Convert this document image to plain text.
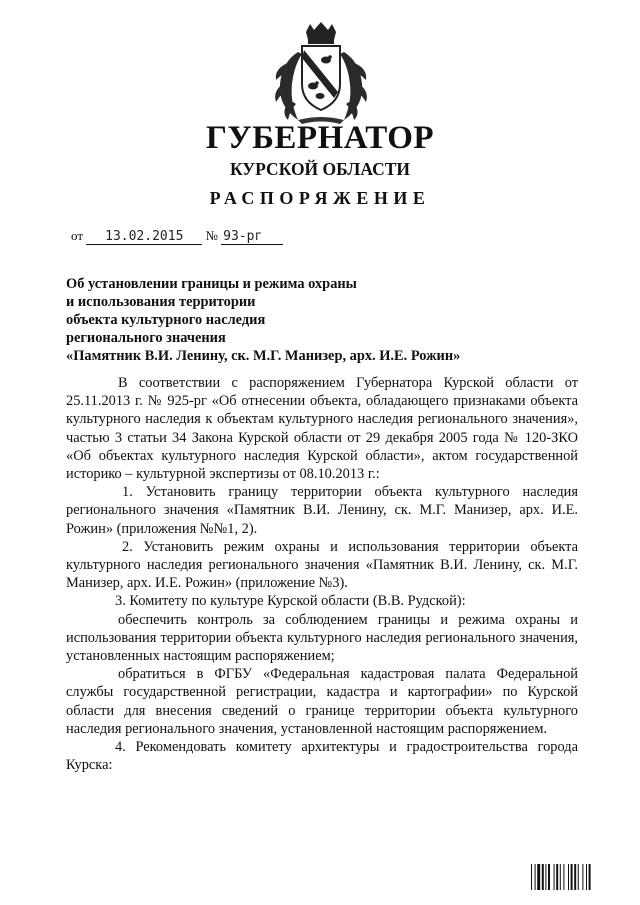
ГУБЕРНАТОР
КУРСКОЙ ОБЛАСТИ
РАСПОРЯЖЕНИЕ
от 13.02.2015 № 93-рг
Об установлении границы и режима охраны
и использования территории
объекта культурного наследия
регионального значения
«Памятник В.И. Ленину, ск. М.Г. Манизер, арх. И.Е. Рожин»

В соответствии с распоряжением Губернатора Курской области от 25.11.2013 г. № 925-рг «Об отнесении объекта, обладающего признаками объекта культурного наследия к объектам культурного наследия регионального значения», частью 3 статьи 34 Закона Курской области от 29 декабря 2005 года № 120-ЗКО «Об объектах культурного наследия Курской области», актом государственной историко – культурной экспертизы от 08.10.2013 г.:

1. Установить границу территории объекта культурного наследия регионального значения «Памятник В.И. Ленину, ск. М.Г. Манизер, арх. И.Е. Рожин» (приложения №№1, 2).

2. Установить режим охраны и использования территории объекта культурного наследия регионального значения «Памятник В.И. Ленину, ск. М.Г. Манизер, арх. И.Е. Рожин» (приложение №3).

3. Комитету по культуре Курской области (В.В. Рудской):

обеспечить контроль за соблюдением границы и режима охраны и использования территории объекта культурного наследия регионального значения, установленных настоящим распоряжением;

обратиться в ФГБУ «Федеральная кадастровая палата Федеральной службы государственной регистрации, кадастра и картографии» по Курской области для внесения сведений о границе территории объекта культурного наследия регионального значения, установленной настоящим распоряжением.

4. Рекомендовать комитету архитектуры и градостроительства города Курска:
